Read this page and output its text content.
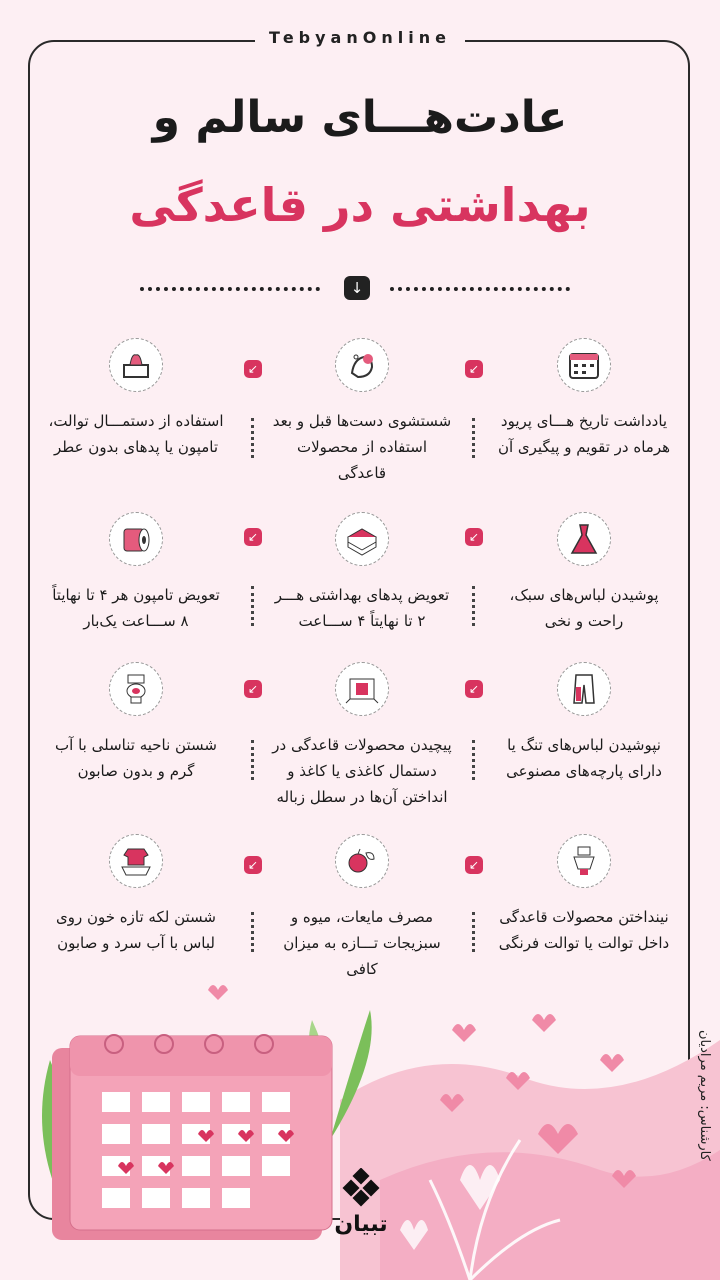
TebyanOnline
عادت‌هـــای سالم و
بهداشتی در قاعدگی
↓
یادداشت تاریخ هـــای پریود هرماه در تقویم و پیگیری آن
شستشوی دست‌ها قبل و بعد استفاده از محصولات قاعدگی
استفاده از دستمـــال توالت، تامپون یا پدهای بدون عطر
پوشیدن لباس‌های سبک، راحت و نخی
تعویض پدهای بهداشتی هـــر ۲ تا نهایتاً ۴ ســـاعت
تعویض تامپون هر ۴ تا نهایتاً ۸ ســـاعت یک‌بار
نپوشیدن لباس‌های تنگ یا دارای پارچه‌های مصنوعی
پیچیدن محصولات قاعدگی در دستمال کاغذی یا کاغذ و انداختن آن‌ها در سطل زباله
شستن ناحیه تناسلی با آب گرم و بدون صابون
نینداختن محصولات قاعدگی داخل توالت یا توالت فرنگی
مصرف مایعات، میوه و سبزیجات تـــازه به میزان کافی
شستن لکه تازه خون روی لباس با آب سرد و صابون
↙
↙
↙
↙
↙
↙
↙
↙
تبیان
کارشناس: مریم مرادیان
